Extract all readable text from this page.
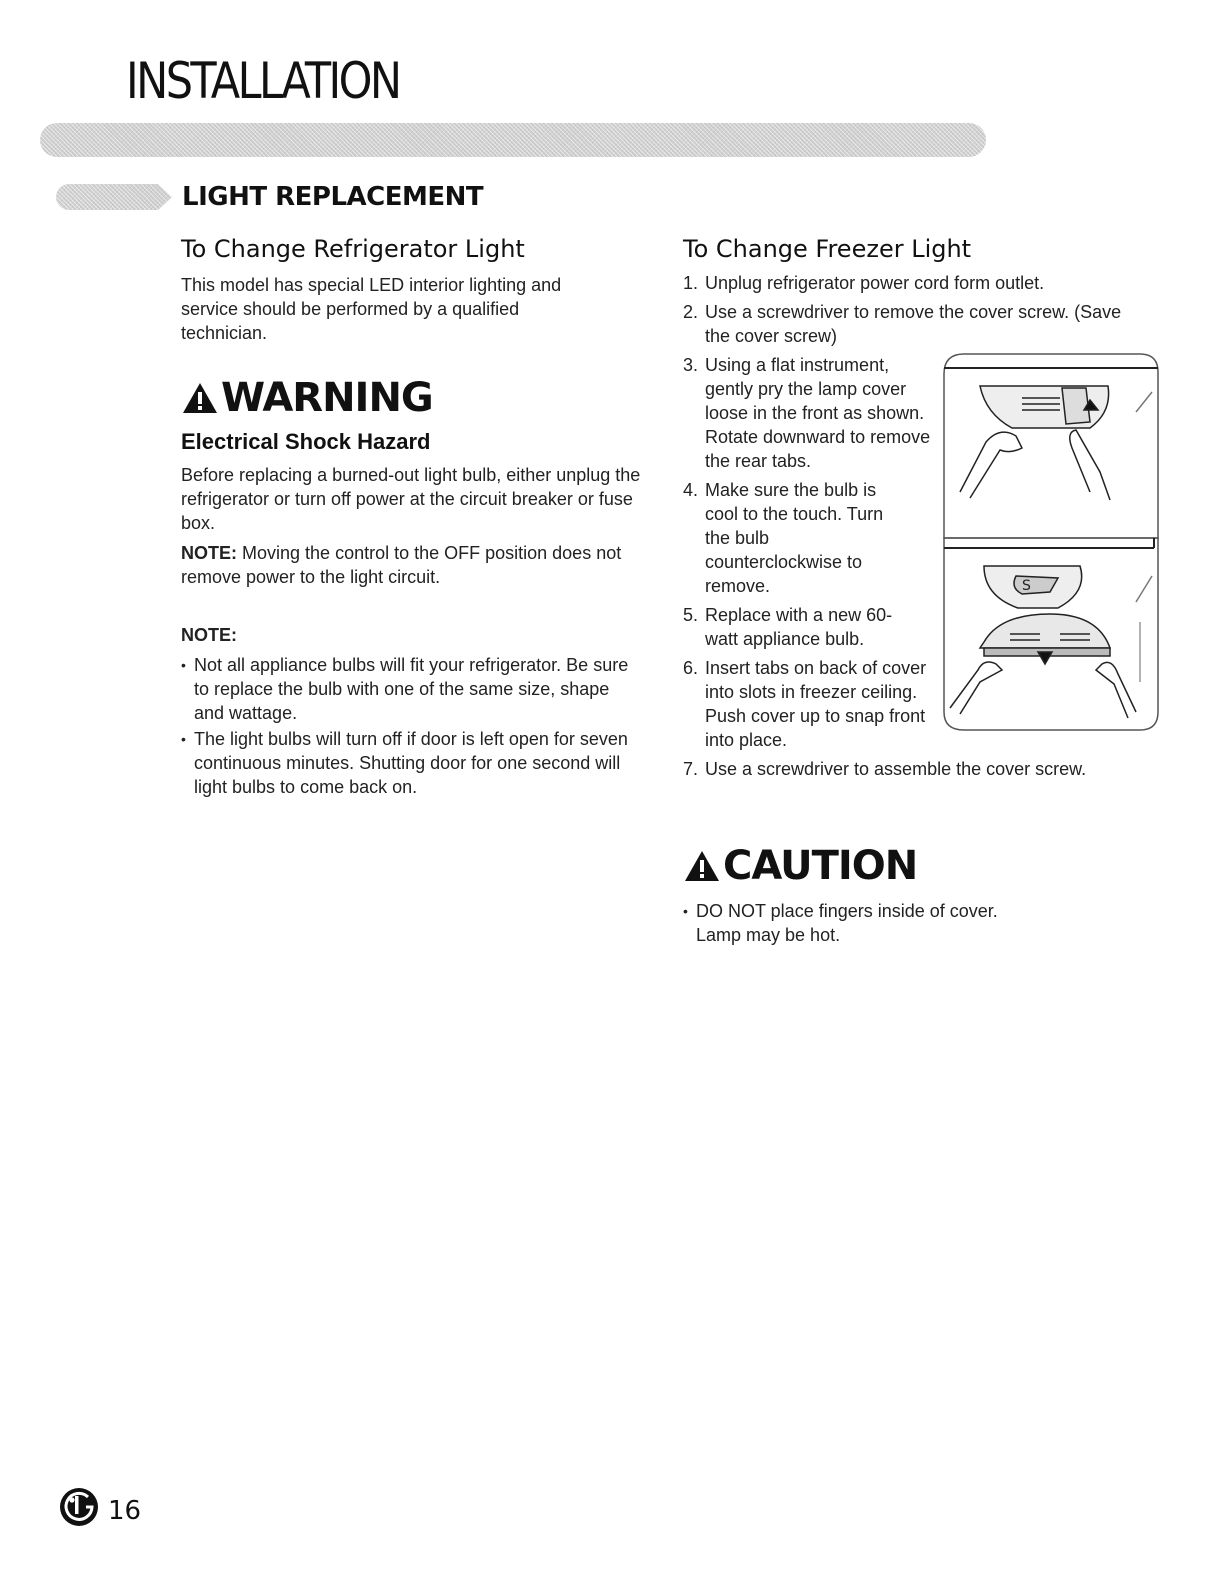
INSTALLATION
LIGHT REPLACEMENT
To Change Refrigerator Light

This model has special LED interior lighting and service should be performed by a qualified technician.

WARNING

Electrical Shock Hazard

Before replacing a burned-out light bulb, either unplug the refrigerator or turn off power at the circuit breaker or fuse box.

NOTE: Moving the control to the OFF position does not remove power to the light circuit.

NOTE:

• Not all appliance bulbs will fit your refrigerator. Be sure to replace the bulb with one of the same size, shape and wattage.
• The light bulbs will turn off if door is left open for seven continuous minutes. Shutting door for one second will light bulbs to come back on.
To Change Freezer Light
1. Unplug refrigerator power cord form outlet.
2. Use a screwdriver to remove the cover screw. (Save the cover screw)
3. Using a flat instrument, gently pry the lamp cover loose in the front as shown. Rotate downward to remove the rear tabs.
4. Make sure the bulb is cool to the touch. Turn the bulb counterclockwise to remove.
5. Replace with a new 60-watt appliance bulb.
6. Insert tabs on back of cover into slots in freezer ceiling. Push cover up to snap front into place.
7. Use a screwdriver to assemble the cover screw.
CAUTION
• DO NOT place fingers inside of cover. Lamp may be hot.
S

16
